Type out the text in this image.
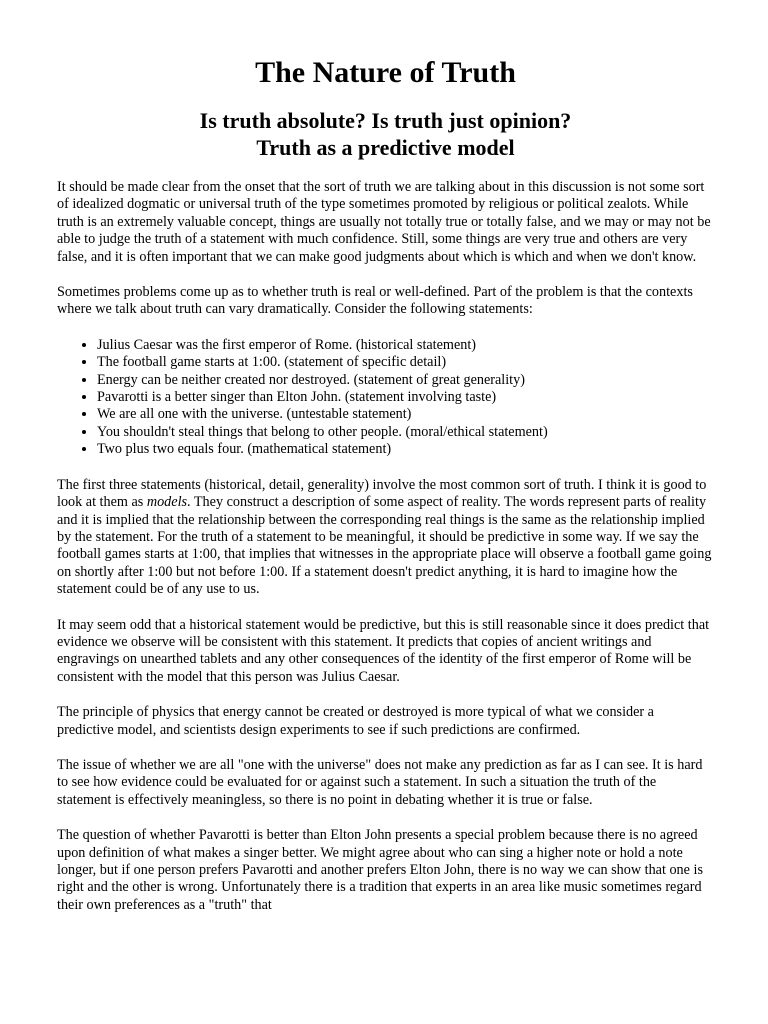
The Nature of Truth
Is truth absolute? Is truth just opinion?
Truth as a predictive model

It should be made clear from the onset that the sort of truth we are talking about in this discussion is not some sort of idealized dogmatic or universal truth of the type sometimes promoted by religious or political zealots. While truth is an extremely valuable concept, things are usually not totally true or totally false, and we may or may not be able to judge the truth of a statement with much confidence. Still, some things are very true and others are very false, and it is often important that we can make good judgments about which is which and when we don't know.

Sometimes problems come up as to whether truth is real or well-defined. Part of the problem is that the contexts where we talk about truth can vary dramatically. Consider the following statements:

• Julius Caesar was the first emperor of Rome. (historical statement)
• The football game starts at 1:00. (statement of specific detail)
• Energy can be neither created nor destroyed. (statement of great generality)
• Pavarotti is a better singer than Elton John. (statement involving taste)
• We are all one with the universe. (untestable statement)
• You shouldn't steal things that belong to other people. (moral/ethical statement)
• Two plus two equals four. (mathematical statement)

The first three statements (historical, detail, generality) involve the most common sort of truth. I think it is good to look at them as models. They construct a description of some aspect of reality. The words represent parts of reality and it is implied that the relationship between the corresponding real things is the same as the relationship implied by the statement. For the truth of a statement to be meaningful, it should be predictive in some way. If we say the football games starts at 1:00, that implies that witnesses in the appropriate place will observe a football game going on shortly after 1:00 but not before 1:00. If a statement doesn't predict anything, it is hard to imagine how the statement could be of any use to us.

It may seem odd that a historical statement would be predictive, but this is still reasonable since it does predict that evidence we observe will be consistent with this statement. It predicts that copies of ancient writings and engravings on unearthed tablets and any other consequences of the identity of the first emperor of Rome will be consistent with the model that this person was Julius Caesar.

The principle of physics that energy cannot be created or destroyed is more typical of what we consider a predictive model, and scientists design experiments to see if such predictions are confirmed.

The issue of whether we are all "one with the universe" does not make any prediction as far as I can see. It is hard to see how evidence could be evaluated for or against such a statement. In such a situation the truth of the statement is effectively meaningless, so there is no point in debating whether it is true or false.

The question of whether Pavarotti is better than Elton John presents a special problem because there is no agreed upon definition of what makes a singer better. We might agree about who can sing a higher note or hold a note longer, but if one person prefers Pavarotti and another prefers Elton John, there is no way we can show that one is right and the other is wrong. Unfortunately there is a tradition that experts in an area like music sometimes regard their own preferences as a "truth" that
